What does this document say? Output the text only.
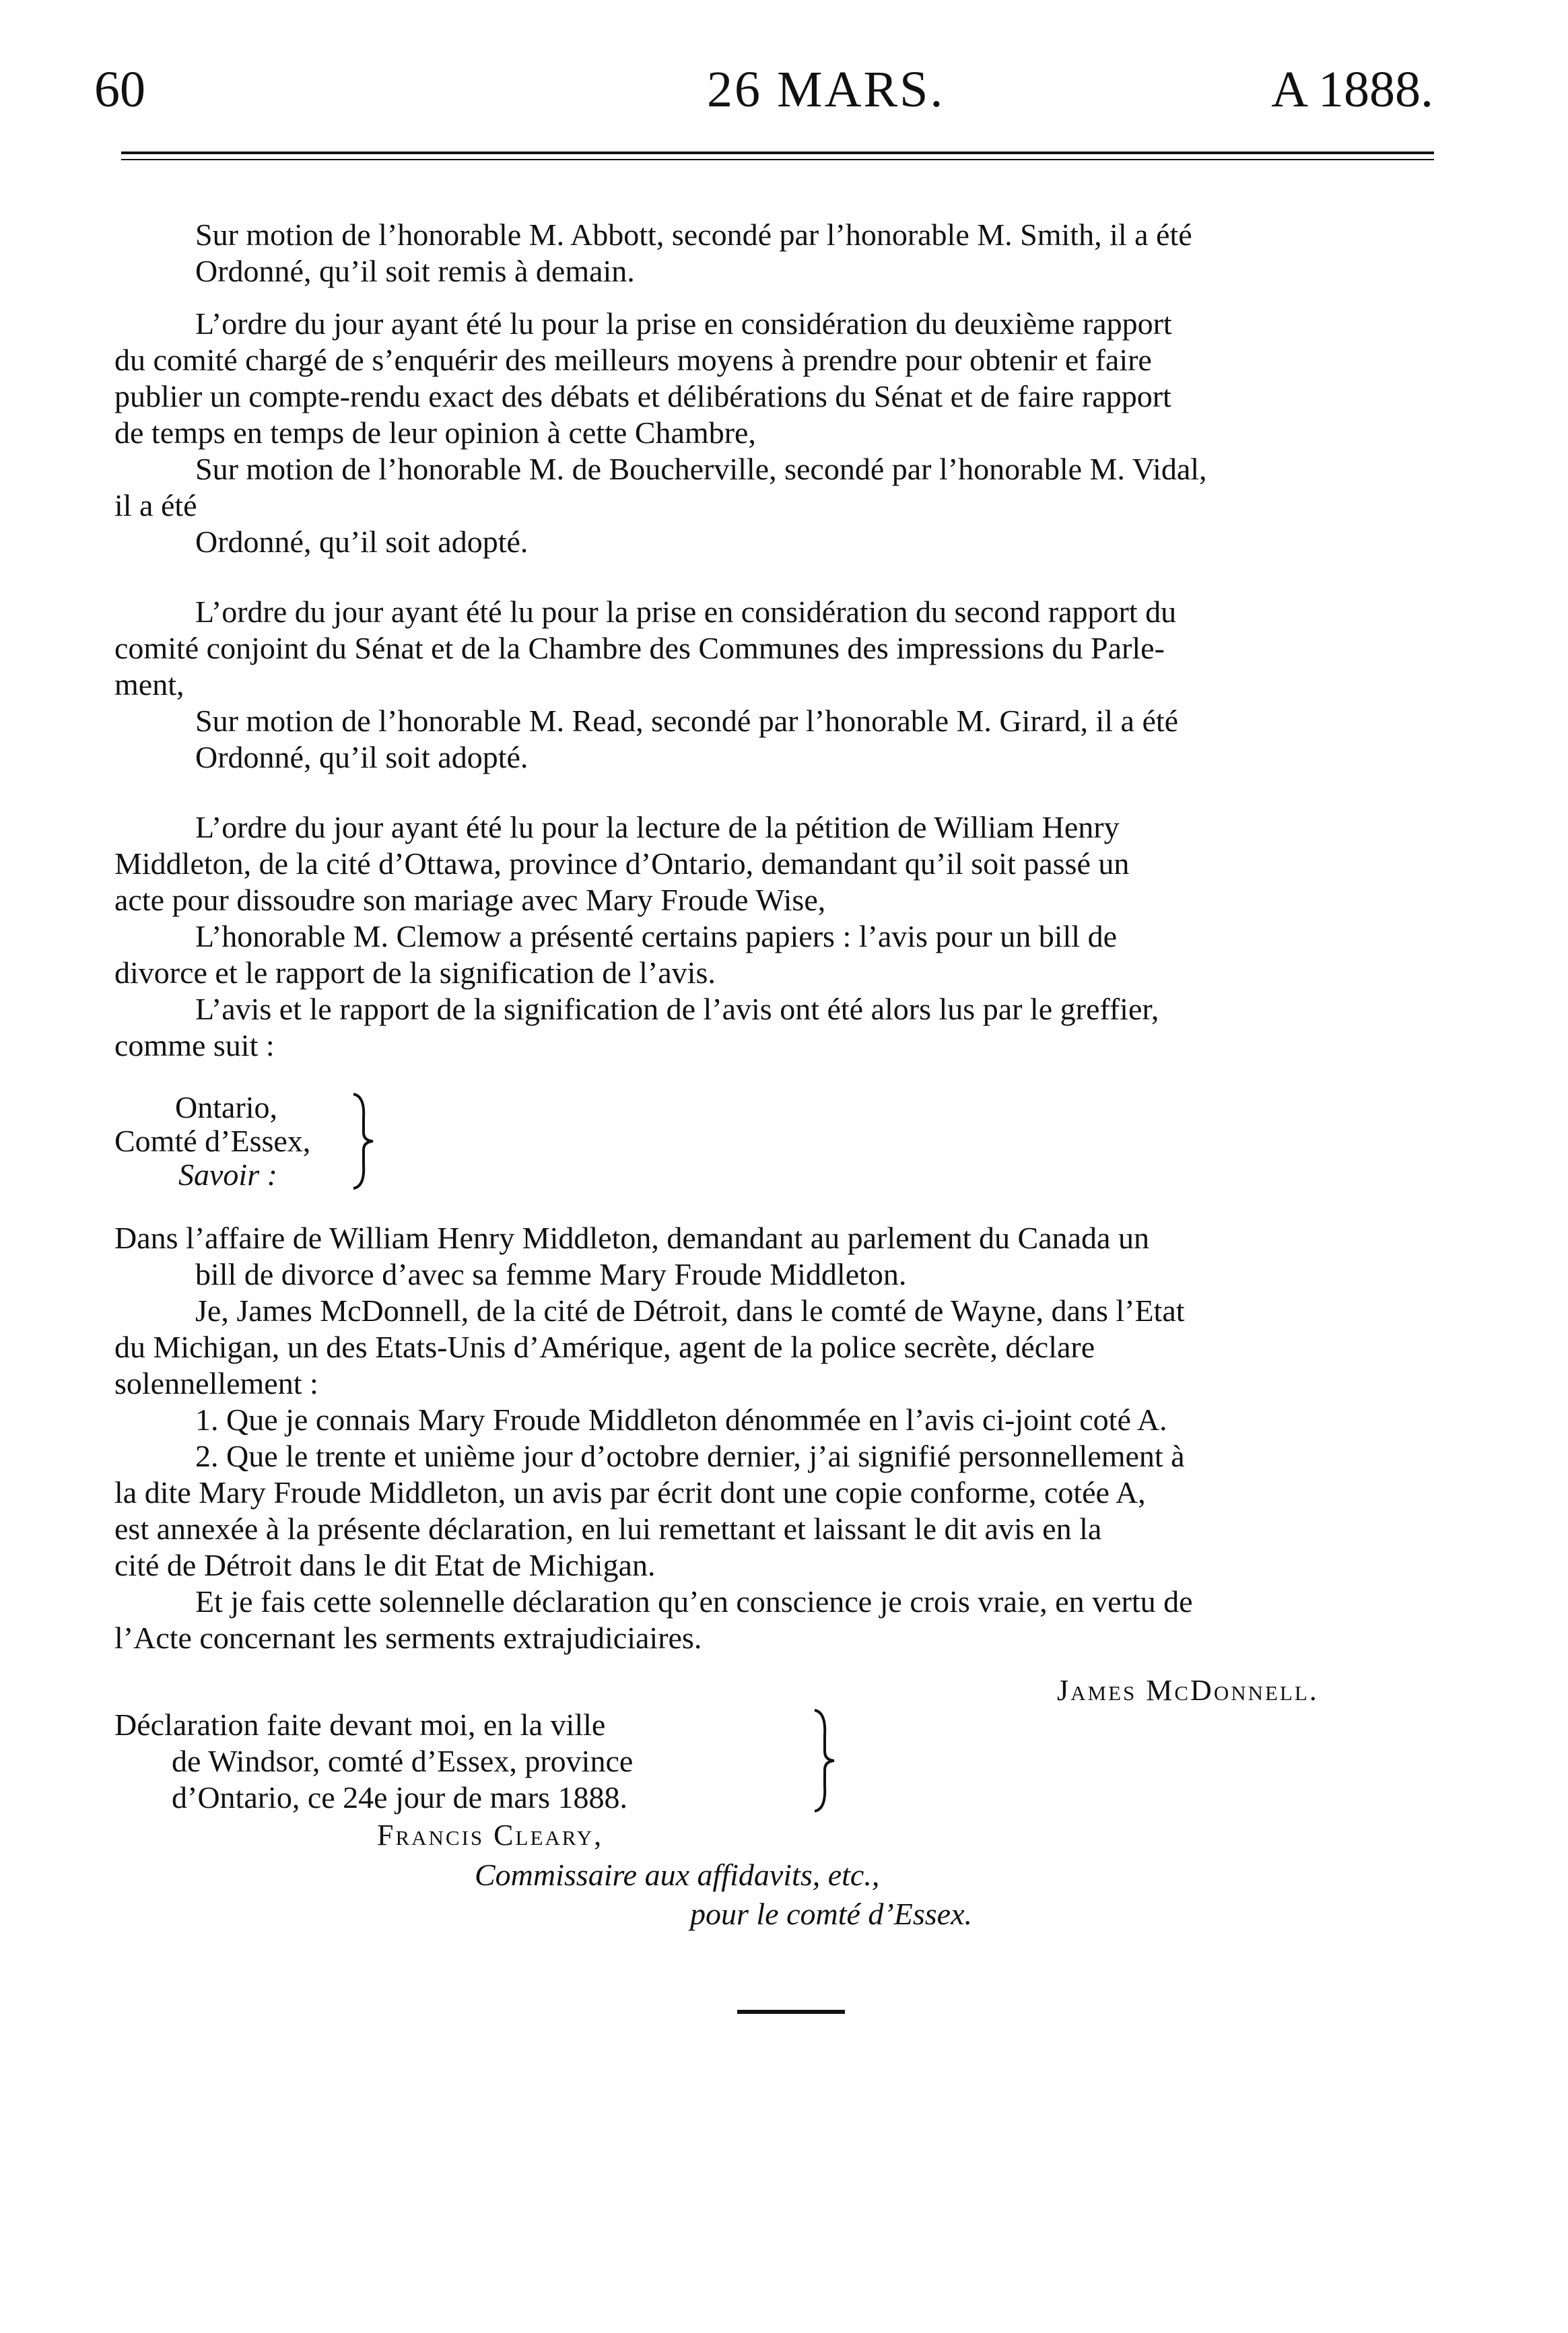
60	26 MARS.	A 1888.
Sur motion de l’honorable M. Abbott, secondé par l’honorable M. Smith, il a été
Ordonné, qu’il soit remis à demain.
L’ordre du jour ayant été lu pour la prise en considération du deuxième rapport
du comité chargé de s’enquérir des meilleurs moyens à prendre pour obtenir et faire
publier un compte-rendu exact des débats et délibérations du Sénat et de faire rapport
de temps en temps de leur opinion à cette Chambre,
Sur motion de l’honorable M. de Boucherville, secondé par l’honorable M. Vidal,
il a été
Ordonné, qu’il soit adopté.
L’ordre du jour ayant été lu pour la prise en considération du second rapport du
comité conjoint du Sénat et de la Chambre des Communes des impressions du Parle-
ment,
Sur motion de l’honorable M. Read, secondé par l’honorable M. Girard, il a été
Ordonné, qu’il soit adopté.
L’ordre du jour ayant été lu pour la lecture de la pétition de William Henry
Middleton, de la cité d’Ottawa, province d’Ontario, demandant qu’il soit passé un
acte pour dissoudre son mariage avec Mary Froude Wise,
L’honorable M. Clemow a présenté certains papiers : l’avis pour un bill de
divorce et le rapport de la signification de l’avis.
L’avis et le rapport de la signification de l’avis ont été alors lus par le greffier,
comme suit :
Ontario,
Comté d’Essex,
Savoir :
Dans l’affaire de William Henry Middleton, demandant au parlement du Canada un
bill de divorce d’avec sa femme Mary Froude Middleton.
Je, James McDonnell, de la cité de Détroit, dans le comté de Wayne, dans l’Etat
du Michigan, un des Etats-Unis d’Amérique, agent de la police secrète, déclare
solennellement :
1. Que je connais Mary Froude Middleton dénommée en l’avis ci-joint coté A.
2. Que le trente et unième jour d’octobre dernier, j’ai signifié personnellement à
la dite Mary Froude Middleton, un avis par écrit dont une copie conforme, cotée A,
est annexée à la présente déclaration, en lui remettant et laissant le dit avis en la
cité de Détroit dans le dit Etat de Michigan.
Et je fais cette solennelle déclaration qu’en conscience je crois vraie, en vertu de
l’Acte concernant les serments extrajudiciaires.
James McDonnell.
Déclaration faite devant moi, en la ville
de Windsor, comté d’Essex, province
d’Ontario, ce 24e jour de mars 1888.
Francis Cleary,
Commissaire aux affidavits, etc.,
pour le comté d’Essex.
